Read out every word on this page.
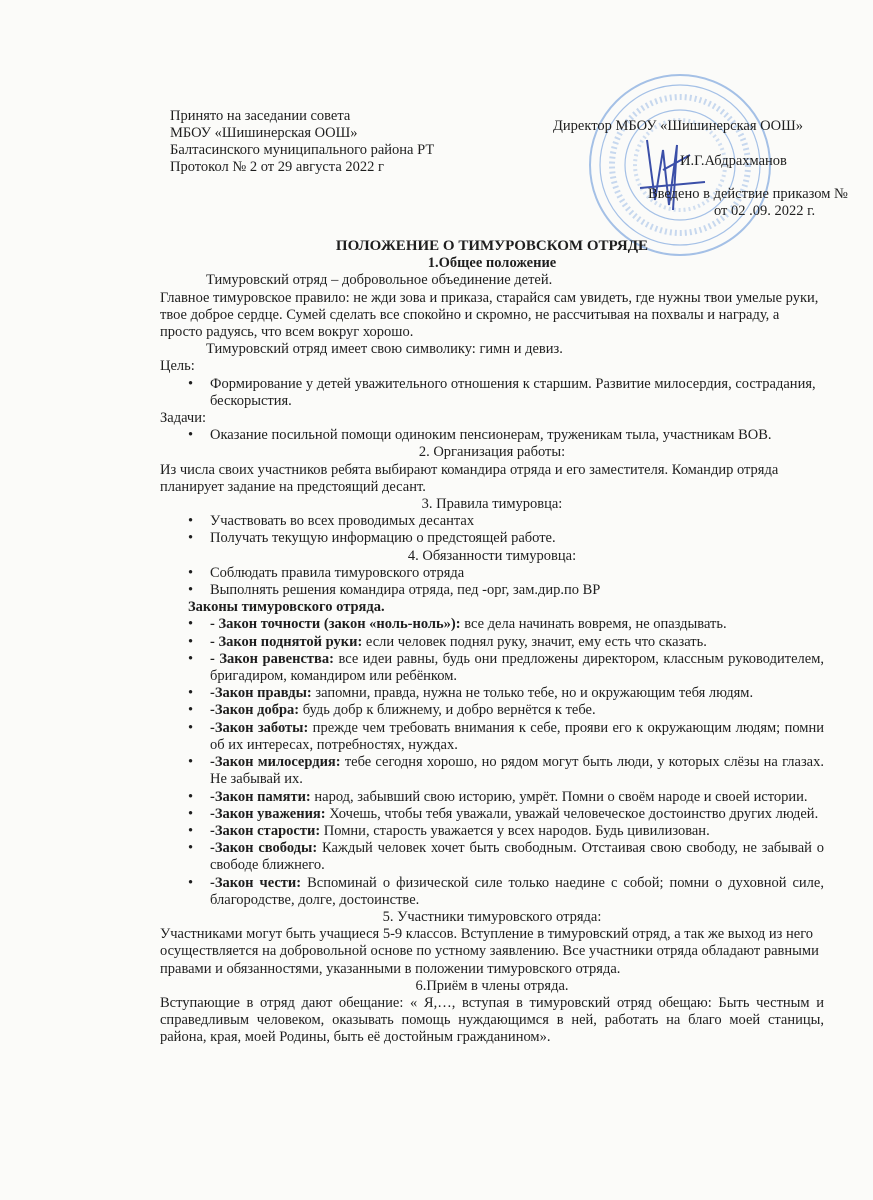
Принято на заседании совета
МБОУ «Шишинерская ООШ»
Балтасинского муниципального района РТ
Протокол № 2 от 29 августа 2022 г
Директор МБОУ «Шишинерская ООШ»
И.Г.Абдрахманов
Введено в действие приказом №
от 02 .09. 2022 г.
ПОЛОЖЕНИЕ О ТИМУРОВСКОМ ОТРЯДЕ
1.Общее положение
Тимуровский отряд – добровольное объединение детей.
Главное тимуровское правило: не жди зова и приказа, старайся сам увидеть, где нужны твои умелые руки, твое доброе сердце. Сумей сделать все спокойно и скромно, не рассчитывая на похвалы и награду, а просто радуясь, что всем вокруг хорошо.
Тимуровский отряд имеет свою символику: гимн и девиз.
Цель:
• Формирование у детей уважительного отношения к старшим. Развитие милосердия, сострадания, бескорыстия.
Задачи:
• Оказание посильной помощи одиноким пенсионерам, труженикам тыла, участникам ВОВ.
2. Организация работы:
Из числа своих участников ребята выбирают командира отряда и его заместителя. Командир отряда планирует задание на предстоящий десант.
3. Правила тимуровца:
• Участвовать во всех проводимых десантах
• Получать текущую информацию о предстоящей работе.
4. Обязанности тимуровца:
• Соблюдать правила тимуровского отряда
• Выполнять решения командира отряда, пед -орг, зам.дир.по ВР
Законы тимуровского отряда.
• - Закон точности (закон «ноль-ноль»): все дела начинать вовремя, не опаздывать.
• - Закон поднятой руки: если человек поднял руку, значит, ему есть что сказать.
• - Закон равенства: все идеи равны, будь они предложены директором, классным руководителем, бригадиром, командиром или ребёнком.
• -Закон правды: запомни, правда, нужна не только тебе, но и окружающим тебя людям.
• -Закон добра: будь добр к ближнему, и добро вернётся к тебе.
• -Закон заботы: прежде чем требовать внимания к себе, прояви его к окружающим людям; помни об их интересах, потребностях, нуждах.
• -Закон милосердия: тебе сегодня хорошо, но рядом могут быть люди, у которых слёзы на глазах. Не забывай их.
• -Закон памяти: народ, забывший свою историю, умрёт. Помни о своём народе и своей истории.
• -Закон уважения: Хочешь, чтобы тебя уважали, уважай человеческое достоинство других людей.
• -Закон старости: Помни, старость уважается у всех народов. Будь цивилизован.
• -Закон свободы: Каждый человек хочет быть свободным. Отстаивая свою свободу, не забывай о свободе ближнего.
• -Закон чести: Вспоминай о физической силе только наедине с собой; помни о духовной силе, благородстве, долге, достоинстве.
5. Участники тимуровского отряда:
Участниками могут быть учащиеся 5-9 классов. Вступление в тимуровский отряд, а так же выход из него осуществляется на добровольной основе по устному заявлению. Все участники отряда обладают равными правами и обязанностями, указанными в положении тимуровского отряда.
6.Приём в члены отряда.
Вступающие в отряд дают обещание: « Я,…, вступая в тимуровский отряд обещаю: Быть честным и справедливым человеком, оказывать помощь нуждающимся в ней, работать на благо моей станицы, района, края, моей Родины, быть её достойным гражданином».
